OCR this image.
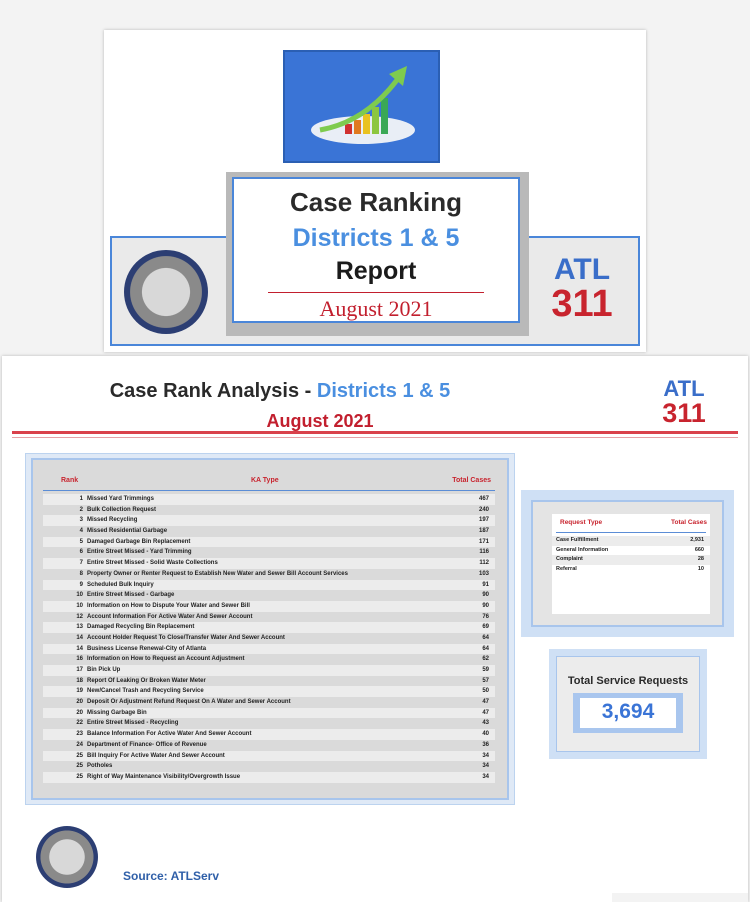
Case Ranking
Districts 1 & 5
Report
August 2021
ATL
311
Case Rank Analysis - Districts 1 & 5
August 2021
ATL
311
Rank	KA Type	Total Cases
1 Missed Yard Trimmings	467
2 Bulk Collection Request	240
3 Missed Recycling	197
4 Missed Residential Garbage	187
5 Damaged Garbage Bin Replacement	171
6 Entire Street Missed - Yard Trimming	116
7 Entire Street Missed - Solid Waste Collections	112
8 Property Owner or Renter Request to Establish New Water and Sewer Bill Account Services	103
9 Scheduled Bulk Inquiry	91
10 Entire Street Missed - Garbage	90
10 Information on How to Dispute Your Water and Sewer Bill	90
12 Account Information For Active Water And Sewer Account	76
13 Damaged Recycling Bin Replacement	69
14 Account Holder Request To Close/Transfer Water And Sewer Account	64
14 Business License Renewal-City of Atlanta	64
16 Information on How to Request an Account Adjustment	62
17 Bin Pick Up	59
18 Report Of Leaking Or Broken Water Meter	57
19 New/Cancel Trash and Recycling Service	50
20 Deposit Or Adjustment Refund Request On A Water and Sewer Account	47
20 Missing Garbage Bin	47
22 Entire Street Missed - Recycling	43
23 Balance Information For Active Water And Sewer Account	40
24 Department of Finance- Office of Revenue	36
25 Bill Inquiry For Active Water And Sewer Account	34
25 Potholes	34
25 Right of Way Maintenance Visibility/Overgrowth Issue	34
Request Type	Total Cases
Case Fulfillment	2,931
General Information	660
Complaint	28
Referral	10
Total Service Requests
3,694
Source: ATLServ
